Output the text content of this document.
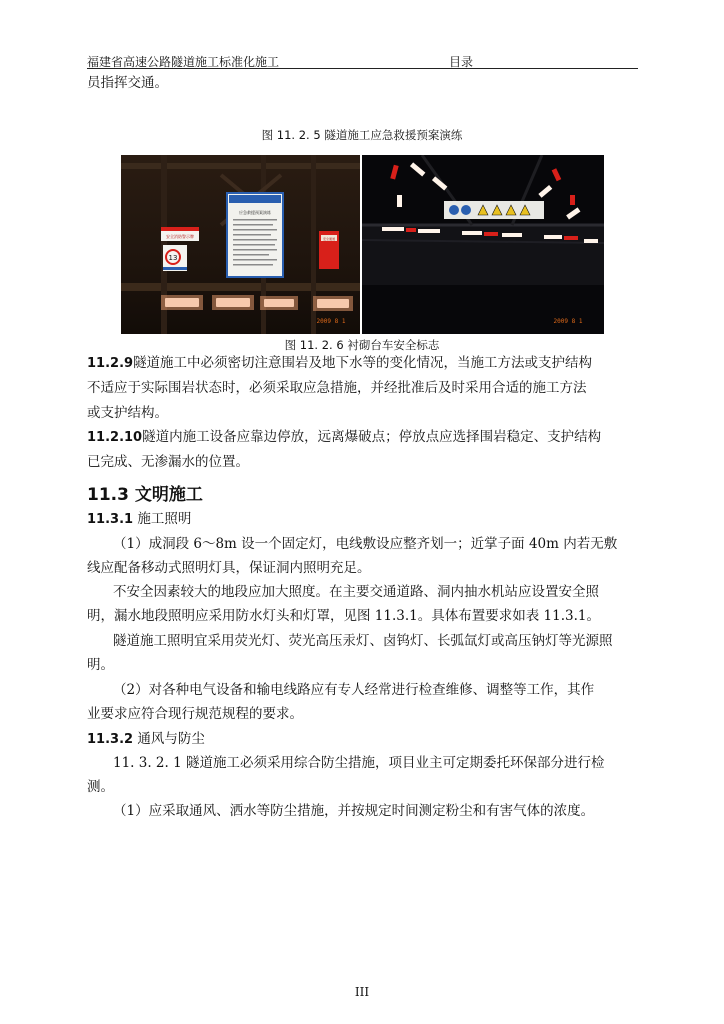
福建省高速公路隧道施工标准化施工	目录
员指挥交通。
图 11. 2. 5 隧道施工应急救援预案演练
应急救援预案演练
安全消防警示牌
13
安全通道
2009 8 1	2009 8 1
图 11. 2. 6 衬砌台车安全标志
11.2.9隧道施工中必须密切注意围岩及地下水等的变化情况，当施工方法或支护结构
不适应于实际围岩状态时，必须采取应急措施，并经批准后及时采用合适的施工方法
或支护结构。
11.2.10隧道内施工设备应靠边停放，远离爆破点；停放点应选择围岩稳定、支护结构
已完成、无渗漏水的位置。
11.3 文明施工
11.3.1 施工照明
（1）成洞段 6～8m 设一个固定灯，电线敷设应整齐划一；近掌子面 40m 内若无敷
线应配备移动式照明灯具，保证洞内照明充足。
不安全因素较大的地段应加大照度。在主要交通道路、洞内抽水机站应设置安全照
明，漏水地段照明应采用防水灯头和灯罩，见图 11.3.1。具体布置要求如表 11.3.1。
隧道施工照明宜采用荧光灯、荧光高压汞灯、卤钨灯、长弧氙灯或高压钠灯等光源照
明。
（2）对各种电气设备和输电线路应有专人经常进行检查维修、调整等工作，其作
业要求应符合现行规范规程的要求。
11.3.2 通风与防尘
11. 3. 2. 1 隧道施工必须采用综合防尘措施，项目业主可定期委托环保部分进行检
测。
（1）应采取通风、洒水等防尘措施，并按规定时间测定粉尘和有害气体的浓度。
III
